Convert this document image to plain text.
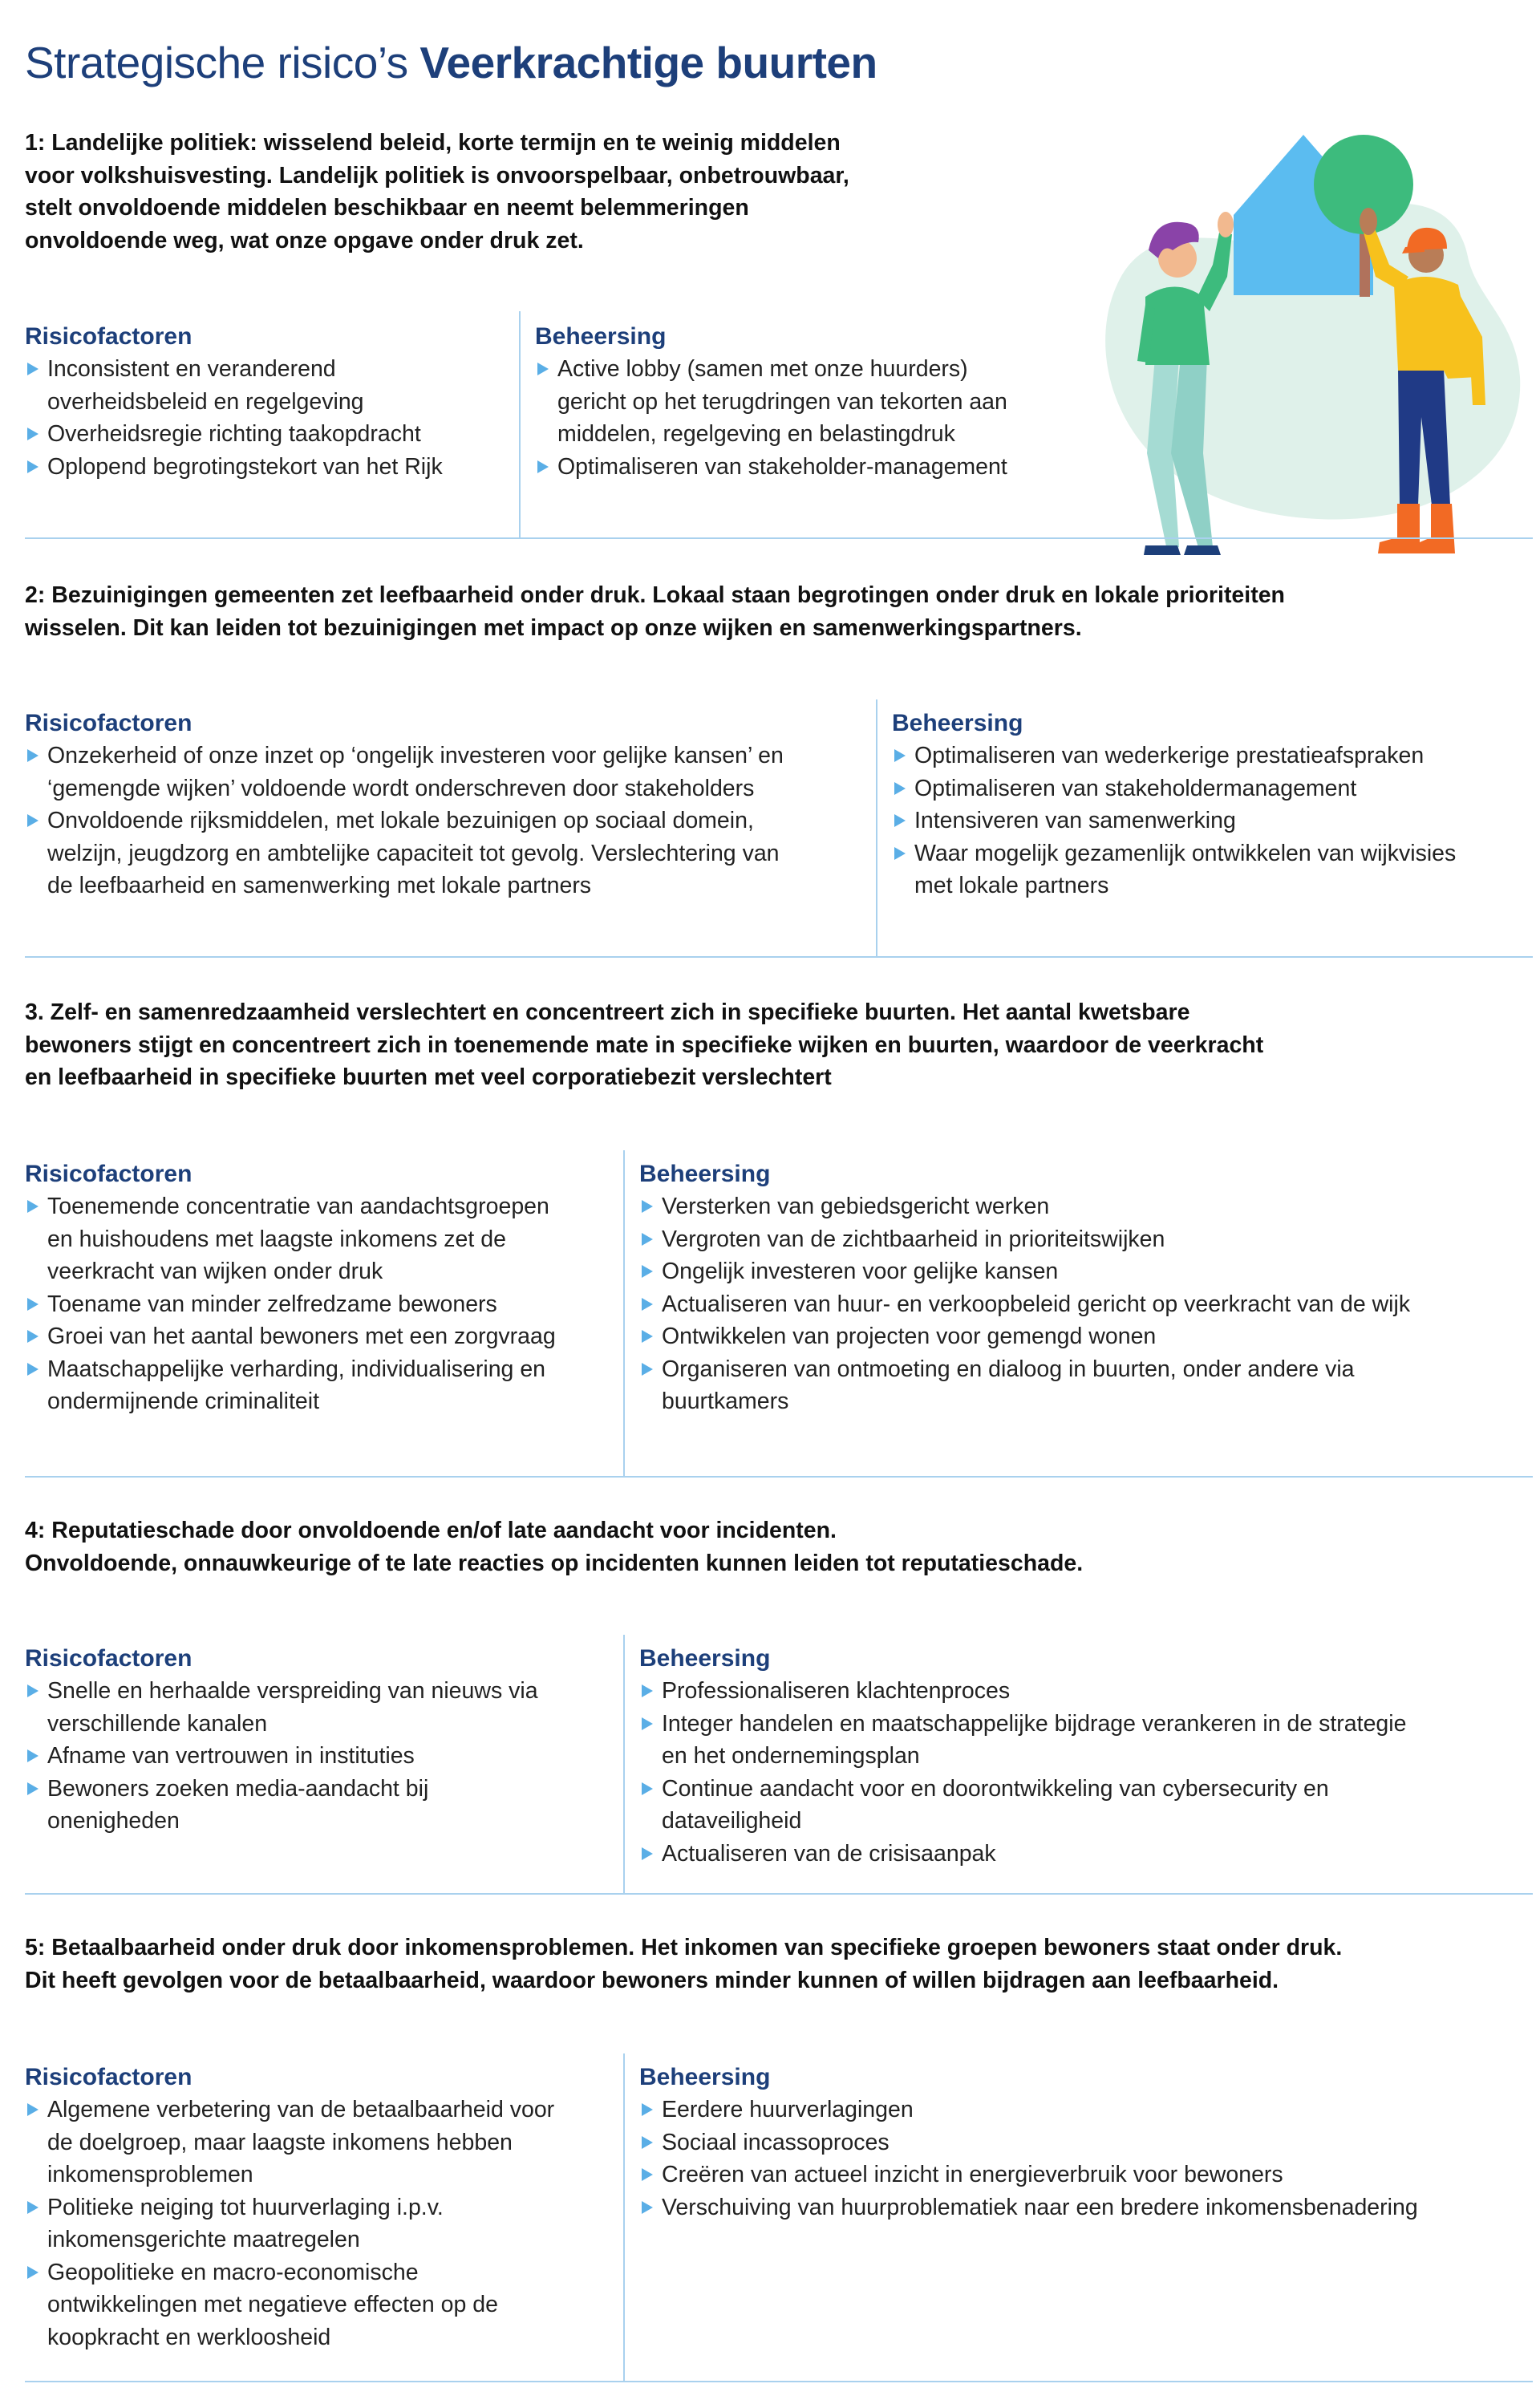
Strategische risico’s Veerkrachtige buurten
1: Landelijke politiek: wisselend beleid, korte termijn en te weinig middelen
voor volkshuisvesting. Landelijk politiek is onvoorspelbaar, onbetrouwbaar,
stelt onvoldoende middelen beschikbaar en neemt belemmeringen
onvoldoende weg, wat onze opgave onder druk zet.
Risicofactoren
Inconsistent en veranderend
overheidsbeleid en regelgeving
Overheidsregie richting taakopdracht
Oplopend begrotingstekort van het Rijk
Beheersing
Active lobby (samen met onze huurders)
gericht op het terugdringen van tekorten aan
middelen, regelgeving en belastingdruk
Optimaliseren van stakeholder-management
2: Bezuinigingen gemeenten zet leefbaarheid onder druk. Lokaal staan begrotingen onder druk en lokale prioriteiten
wisselen. Dit kan leiden tot bezuinigingen met impact op onze wijken en samenwerkingspartners.
Risicofactoren
Onzekerheid of onze inzet op ‘ongelijk investeren voor gelijke kansen’ en
‘gemengde wijken’ voldoende wordt onderschreven door stakeholders
Onvoldoende rijksmiddelen, met lokale bezuinigen op sociaal domein,
welzijn, jeugdzorg en ambtelijke capaciteit tot gevolg. Verslechtering van
de leefbaarheid en samenwerking met lokale partners
Beheersing
Optimaliseren van wederkerige prestatieafspraken
Optimaliseren van stakeholdermanagement
Intensiveren van samenwerking
Waar mogelijk gezamenlijk ontwikkelen van wijkvisies
met lokale partners
3. Zelf- en samenredzaamheid verslechtert en concentreert zich in specifieke buurten. Het aantal kwetsbare
bewoners stijgt en concentreert zich in toenemende mate in specifieke wijken en buurten, waardoor de veerkracht
en leefbaarheid in specifieke buurten met veel corporatiebezit verslechtert
Risicofactoren
Toenemende concentratie van aandachtsgroepen
en huishoudens met laagste inkomens zet de
veerkracht van wijken onder druk
Toename van minder zelfredzame bewoners
Groei van het aantal bewoners met een zorgvraag
Maatschappelijke verharding, individualisering en
ondermijnende criminaliteit
Beheersing
Versterken van gebiedsgericht werken
Vergroten van de zichtbaarheid in prioriteitswijken
Ongelijk investeren voor gelijke kansen
Actualiseren van huur- en verkoopbeleid gericht op veerkracht van de wijk
Ontwikkelen van projecten voor gemengd wonen
Organiseren van ontmoeting en dialoog in buurten, onder andere via
buurtkamers
4: Reputatieschade door onvoldoende en/of late aandacht voor incidenten.
Onvoldoende, onnauwkeurige of te late reacties op incidenten kunnen leiden tot reputatieschade.
Risicofactoren
Snelle en herhaalde verspreiding van nieuws via
verschillende kanalen
Afname van vertrouwen in instituties
Bewoners zoeken media-aandacht bij
onenigheden
Beheersing
Professionaliseren klachtenproces
Integer handelen en maatschappelijke bijdrage verankeren in de strategie
en het ondernemingsplan
Continue aandacht voor en doorontwikkeling van cybersecurity en
dataveiligheid
Actualiseren van de crisisaanpak
5: Betaalbaarheid onder druk door inkomensproblemen. Het inkomen van specifieke groepen bewoners staat onder druk.
Dit heeft gevolgen voor de betaalbaarheid, waardoor bewoners minder kunnen of willen bijdragen aan leefbaarheid.
Risicofactoren
Algemene verbetering van de betaalbaarheid voor
de doelgroep, maar laagste inkomens hebben
inkomensproblemen
Politieke neiging tot huurverlaging i.p.v.
inkomensgerichte maatregelen
Geopolitieke en macro-economische
ontwikkelingen met negatieve effecten op de
koopkracht en werkloosheid
Beheersing
Eerdere huurverlagingen
Sociaal incassoproces
Creëren van actueel inzicht in energieverbruik voor bewoners
Verschuiving van huurproblematiek naar een bredere inkomensbenadering
